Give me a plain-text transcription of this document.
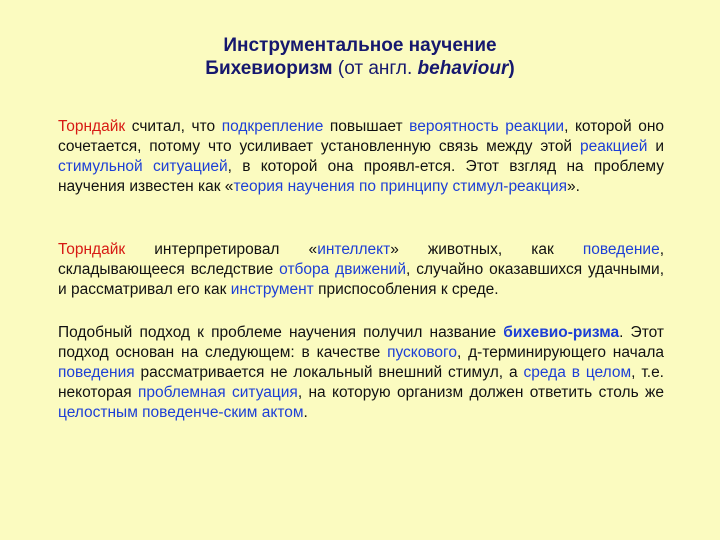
Инструментальное научение
Бихевиоризм (от англ. behaviour)
Торндайк считал, что подкрепление повышает вероятность реакции, которой оно сочетается, потому что усиливает установленную связь между этой реакцией и стимульной ситуацией, в которой она проявл-ется. Этот взгляд на проблему научения известен как «теория научения по принципу стимул-реакция».
Торндайк интерпретировал «интеллект» животных, как поведение, складывающееся вследствие отбора движений, случайно оказавшихся удачными, и рассматривал его как инструмент приспособления к среде.
Подобный подход к проблеме научения получил название бихевио-ризма. Этот подход основан на следующем: в качестве пускового, д-терминирующего начала поведения рассматривается не локальный внешний стимул, а среда в целом, т.е. некоторая проблемная ситуация, на которую организм должен ответить столь же целостным поведенче-ским актом.
